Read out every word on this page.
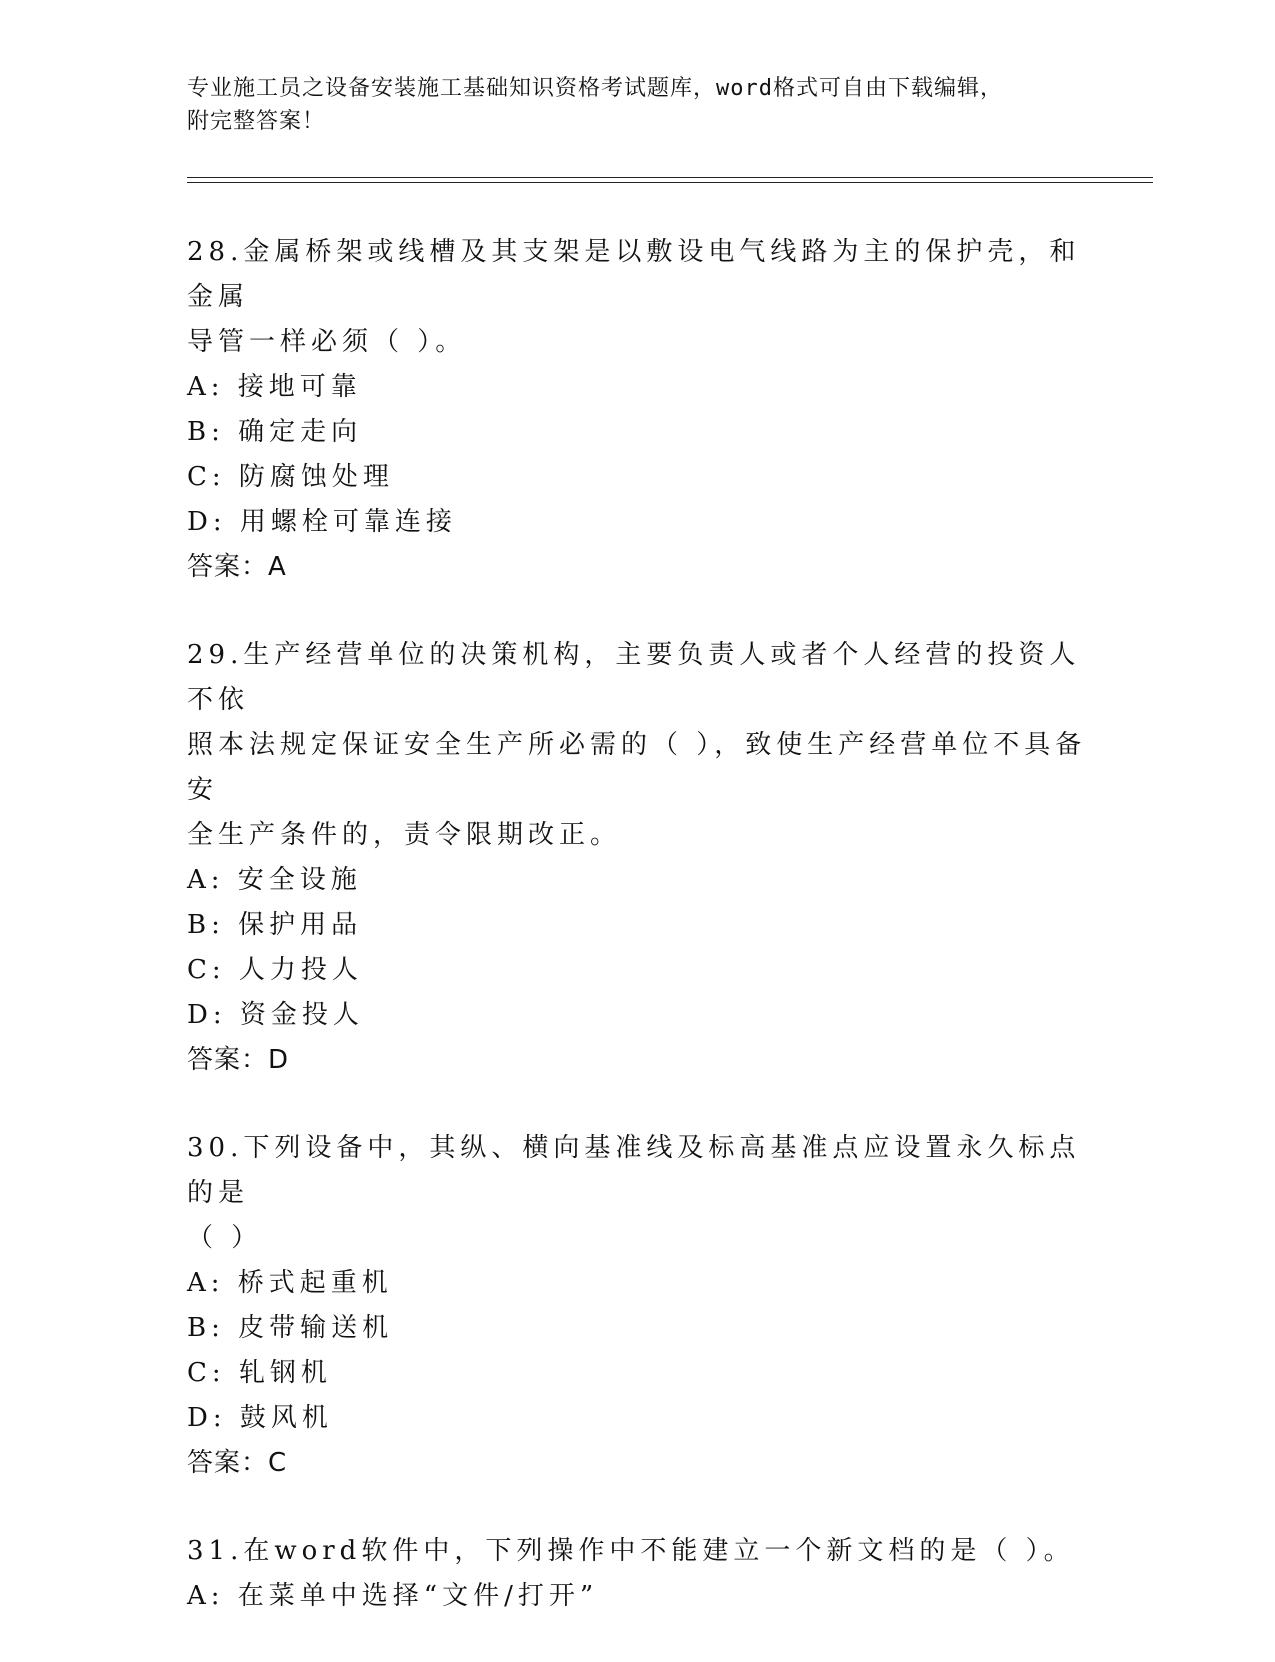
专业施工员之设备安装施工基础知识资格考试题库，word格式可自由下载编辑，
附完整答案！
28.金属桥架或线槽及其支架是以敷设电气线路为主的保护壳，和金属
导管一样必须（ ）。
A: 接地可靠
B: 确定走向
C: 防腐蚀处理
D: 用螺栓可靠连接
答案：A
29.生产经营单位的决策机构，主要负责人或者个人经营的投资人不依
照本法规定保证安全生产所必需的（ ），致使生产经营单位不具备安
全生产条件的，责令限期改正。
A: 安全设施
B: 保护用品
C: 人力投人
D: 资金投人
答案：D
30.下列设备中，其纵、横向基准线及标高基准点应设置永久标点的是
（ ）
A: 桥式起重机
B: 皮带输送机
C: 轧钢机
D: 鼓风机
答案：C
31.在word软件中，下列操作中不能建立一个新文档的是（ ）。
A: 在菜单中选择“文件/打开”
